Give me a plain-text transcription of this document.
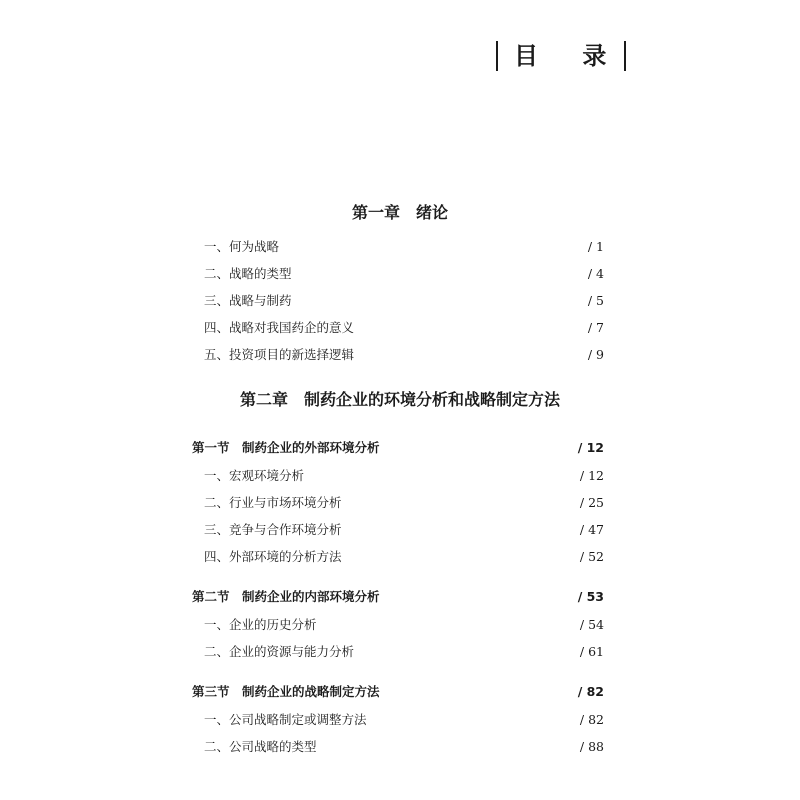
目 录
第一章　绪论
一、何为战略	/ 1
二、战略的类型	/ 4
三、战略与制药	/ 5
四、战略对我国药企的意义	/ 7
五、投资项目的新选择逻辑	/ 9
第二章　制药企业的环境分析和战略制定方法
第一节　制药企业的外部环境分析	/ 12
一、宏观环境分析	/ 12
二、行业与市场环境分析	/ 25
三、竞争与合作环境分析	/ 47
四、外部环境的分析方法	/ 52
第二节　制药企业的内部环境分析	/ 53
一、企业的历史分析	/ 54
二、企业的资源与能力分析	/ 61
第三节　制药企业的战略制定方法	/ 82
一、公司战略制定或调整方法	/ 82
二、公司战略的类型	/ 88
